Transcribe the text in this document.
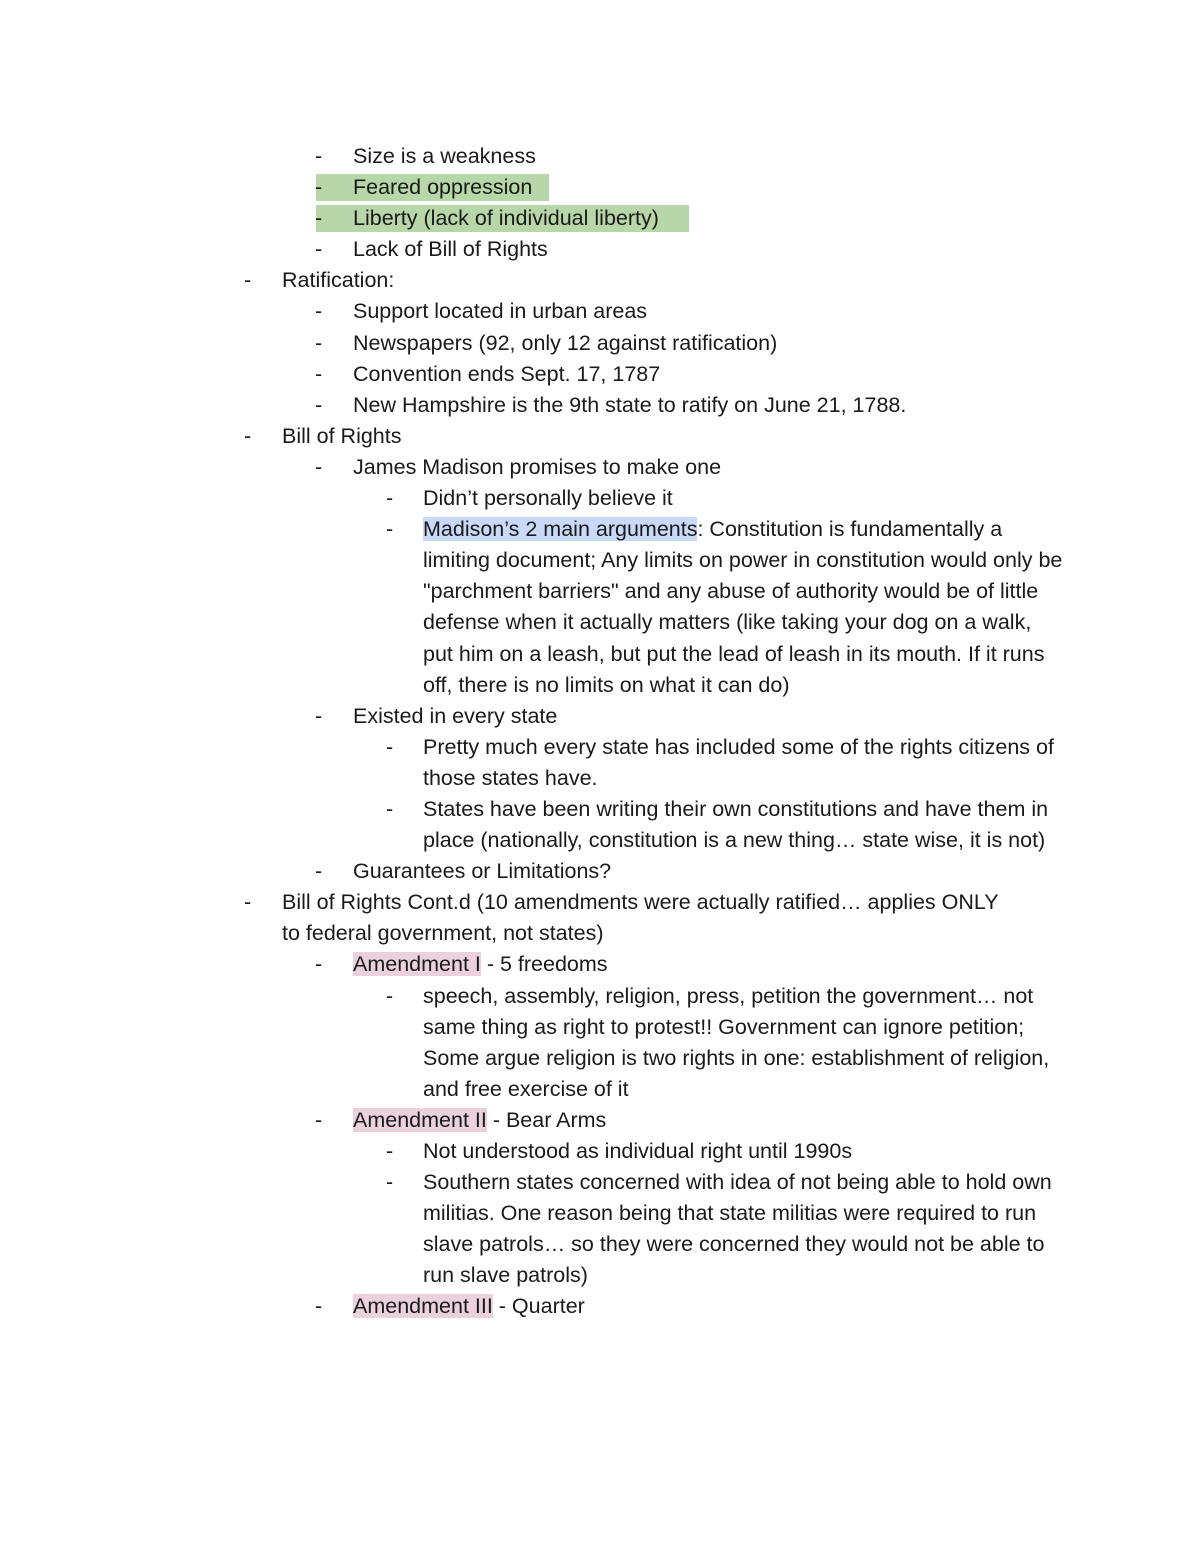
-	Size is a weakness
-	Feared oppression
-	Liberty (lack of individual liberty)
-	Lack of Bill of Rights
-	Ratification:
-	Support located in urban areas
-	Newspapers (92, only 12 against ratification)
-	Convention ends Sept. 17, 1787
-	New Hampshire is the 9th state to ratify on June 21, 1788.
-	Bill of Rights
-	James Madison promises to make one
-	Didn’t personally believe it
-	Madison’s 2 main arguments: Constitution is fundamentally a limiting document; Any limits on power in constitution would only be "parchment barriers" and any abuse of authority would be of little defense when it actually matters (like taking your dog on a walk, put him on a leash, but put the lead of leash in its mouth. If it runs off, there is no limits on what it can do)
-	Existed in every state
-	Pretty much every state has included some of the rights citizens of those states have.
-	States have been writing their own constitutions and have them in place (nationally, constitution is a new thing… state wise, it is not)
-	Guarantees or Limitations?
-	Bill of Rights Cont.d (10 amendments were actually ratified… applies ONLY to federal government, not states)
-	Amendment I - 5 freedoms
-	speech, assembly, religion, press, petition the government… not same thing as right to protest!! Government can ignore petition; Some argue religion is two rights in one: establishment of religion, and free exercise of it
-	Amendment II - Bear Arms
-	Not understood as individual right until 1990s
-	Southern states concerned with idea of not being able to hold own militias. One reason being that state militias were required to run slave patrols… so they were concerned they would not be able to run slave patrols)
-	Amendment III - Quarter
